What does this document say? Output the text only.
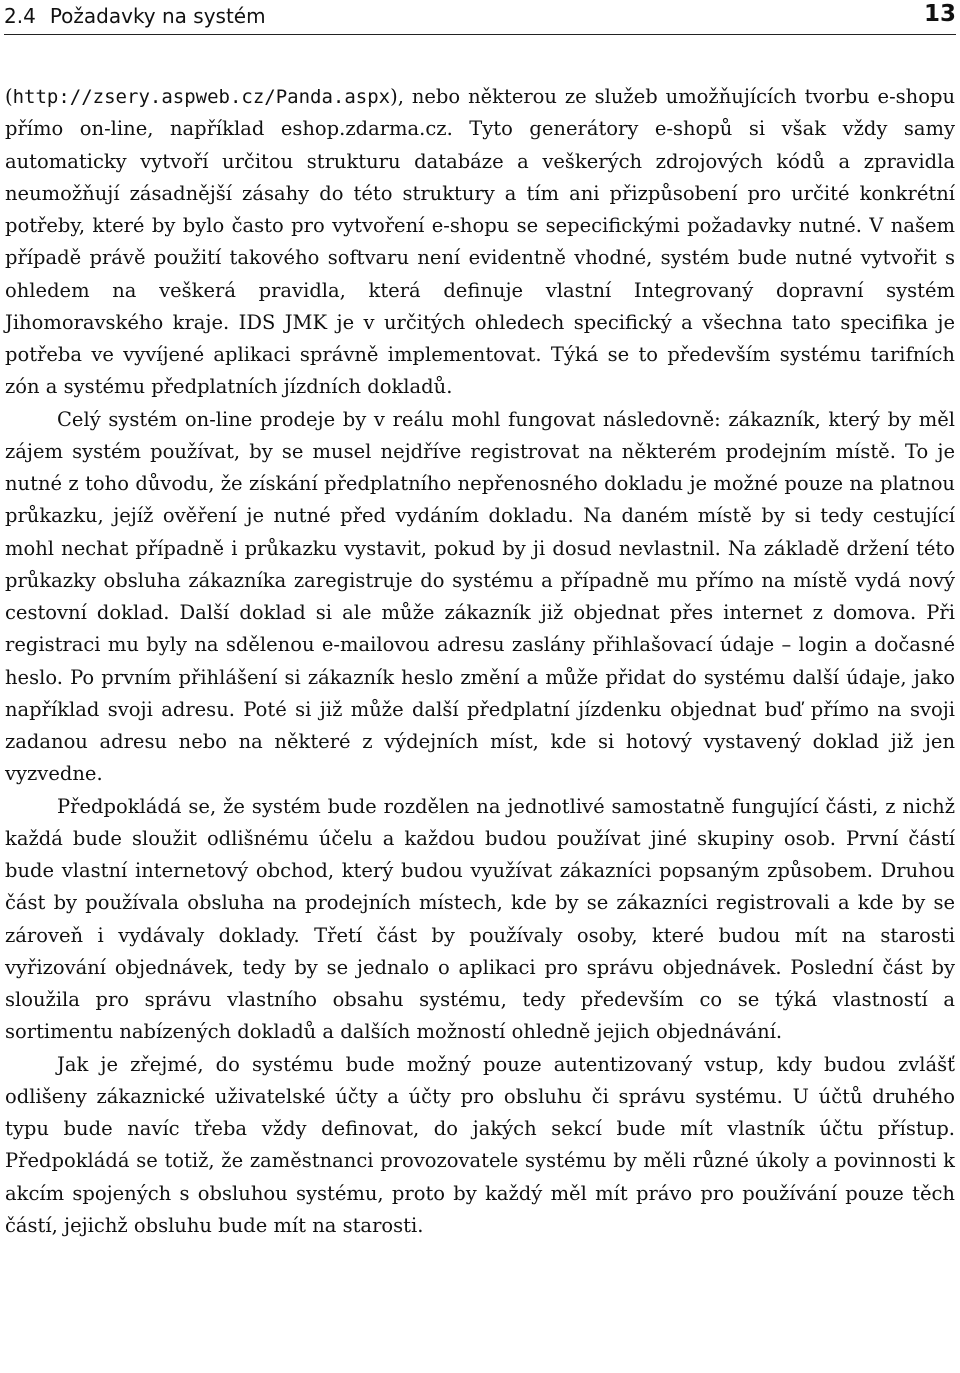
2.4 Požadavky na systém	13

(http://zsery.aspweb.cz/Panda.aspx), nebo některou ze služeb umožňujících tvorbu e-shopu přímo on-line, například eshop.zdarma.cz. Tyto generátory e-shopů si však vždy samy automaticky vytvoří určitou strukturu databáze a veškerých zdrojových kódů a zpravidla neumožňují zásadnější zásahy do této struktury a tím ani přizpůsobení pro určité konkrétní potřeby, které by bylo často pro vytvoření e-shopu se sepecifickými požadavky nutné. V našem případě právě použití takového softvaru není evidentně vhodné, systém bude nutné vytvořit s ohledem na veškerá pravidla, která definuje vlastní Integrovaný dopravní systém Jihomoravského kraje. IDS JMK je v určitých ohledech specifický a všechna tato specifika je potřeba ve vyvíjené aplikaci správně implementovat. Týká se to především systému tarifních zón a systému předplatních jízdních dokladů.

Celý systém on-line prodeje by v reálu mohl fungovat následovně: zákazník, který by měl zájem systém používat, by se musel nejdříve registrovat na některém prodejním místě. To je nutné z toho důvodu, že získání předplatního nepřenosného dokladu je možné pouze na platnou průkazku, jejíž ověření je nutné před vydáním dokladu. Na daném místě by si tedy cestující mohl nechat případně i průkazku vystavit, pokud by ji dosud nevlastnil. Na základě držení této průkazky obsluha zákazníka zaregistruje do systému a případně mu přímo na místě vydá nový cestovní doklad. Další doklad si ale může zákazník již objednat přes internet z domova. Při registraci mu byly na sdělenou e-mailovou adresu zaslány přihlašovací údaje – login a dočasné heslo. Po prvním přihlášení si zákazník heslo změní a může přidat do systému další údaje, jako například svoji adresu. Poté si již může další předplatní jízdenku objednat buď přímo na svoji zadanou adresu nebo na některé z výdejních míst, kde si hotový vystavený doklad již jen vyzvedne.

Předpokládá se, že systém bude rozdělen na jednotlivé samostatně fungující části, z nichž každá bude sloužit odlišnému účelu a každou budou používat jiné skupiny osob. První částí bude vlastní internetový obchod, který budou využívat zákazníci popsaným způsobem. Druhou část by používala obsluha na prodejních místech, kde by se zákazníci registrovali a kde by se zároveň i vydávaly doklady. Třetí část by používaly osoby, které budou mít na starosti vyřizování objednávek, tedy by se jednalo o aplikaci pro správu objednávek. Poslední část by sloužila pro správu vlastního obsahu systému, tedy především co se týká vlastností a sortimentu nabízených dokladů a dalších možností ohledně jejich objednávání.

Jak je zřejmé, do systému bude možný pouze autentizovaný vstup, kdy budou zvlášť odlišeny zákaznické uživatelské účty a účty pro obsluhu či správu systému. U účtů druhého typu bude navíc třeba vždy definovat, do jakých sekcí bude mít vlastník účtu přístup. Předpokládá se totiž, že zaměstnanci provozovatele systému by měli různé úkoly a povinnosti k akcím spojených s obsluhou systému, proto by každý měl mít právo pro používání pouze těch částí, jejichž obsluhu bude mít na starosti.
